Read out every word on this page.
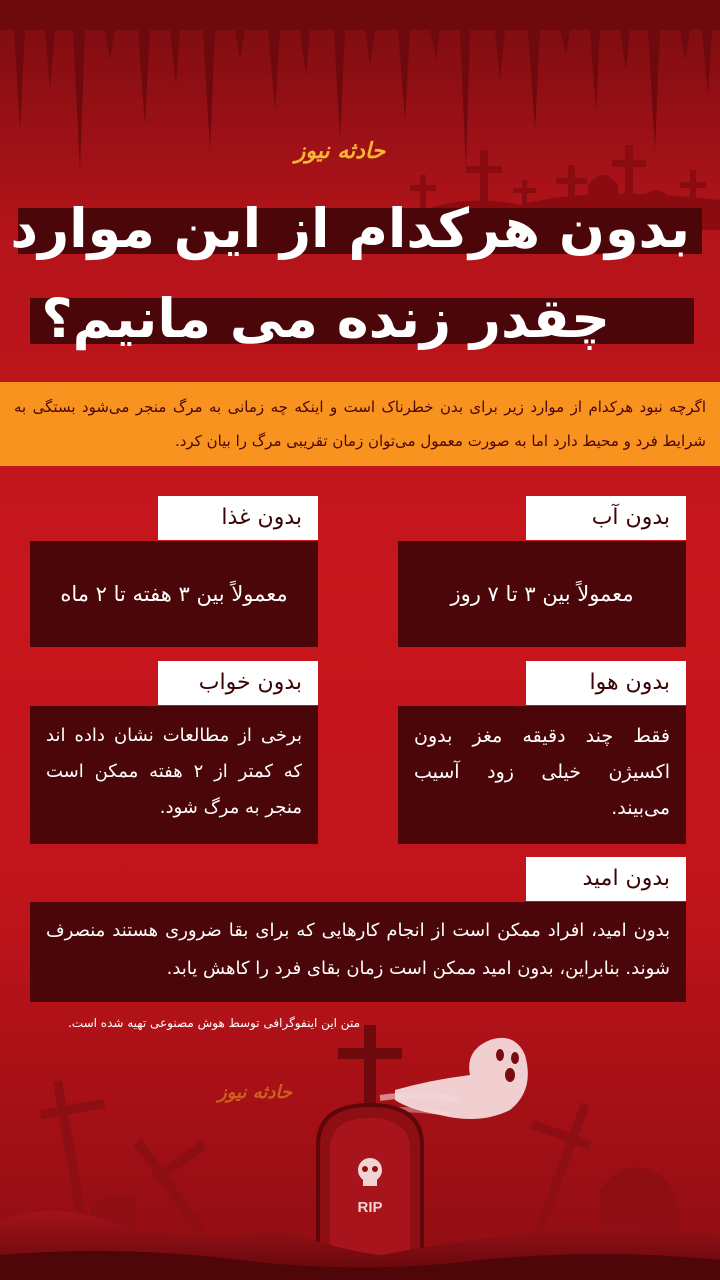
حادثه نیوز
بدون هرکدام از این موارد
چقدر زنده می مانیم؟
اگرچه نبود هرکدام از موارد زیر برای بدن خطرناک است و اینکه چه زمانی به مرگ منجر می‌شود بستگی به شرایط فرد و محیط دارد اما به صورت معمول می‌توان زمان تقریبی مرگ را بیان کرد.
بدون آب
معمولاً بین ۳ تا ۷ روز
بدون غذا
معمولاً بین ۳ هفته تا ۲ ماه
بدون هوا
فقط چند دقیقه مغز بدون اکسیژن خیلی زود آسیب می‌بیند.
بدون خواب
برخی از مطالعات نشان داده اند که کمتر از ۲ هفته ممکن است منجر به مرگ شود.
بدون امید
بدون امید، افراد ممکن است از انجام کارهایی که برای بقا ضروری هستند منصرف شوند. بنابراین، بدون امید ممکن است زمان بقای فرد را کاهش یابد.
متن این اینفوگرافی توسط هوش مصنوعی تهیه شده است.
حادثه نیوز
RIP
